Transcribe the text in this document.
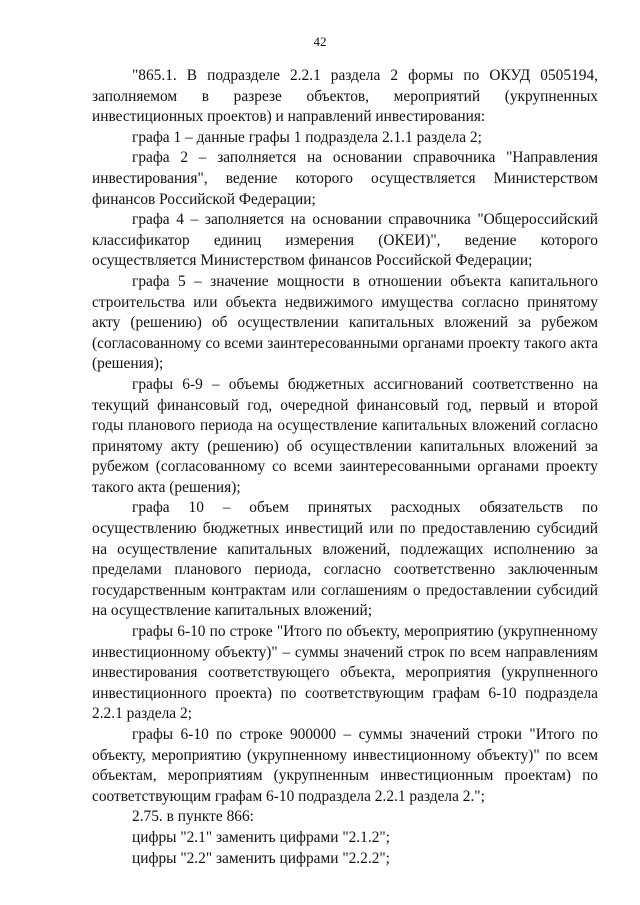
42

"865.1. В подразделе 2.2.1 раздела 2 формы по ОКУД 0505194, заполняемом в разрезе объектов, мероприятий (укрупненных инвестиционных проектов) и направлений инвестирования:

графа 1 – данные графы 1 подраздела 2.1.1 раздела 2;

графа 2 – заполняется на основании справочника "Направления инвестирования", ведение которого осуществляется Министерством финансов Российской Федерации;

графа 4 – заполняется на основании справочника "Общероссийский классификатор единиц измерения (ОКЕИ)", ведение которого осуществляется Министерством финансов Российской Федерации;

графа 5 – значение мощности в отношении объекта капитального строительства или объекта недвижимого имущества согласно принятому акту (решению) об осуществлении капитальных вложений за рубежом (согласованному со всеми заинтересованными органами проекту такого акта (решения);

графы 6-9 – объемы бюджетных ассигнований соответственно на текущий финансовый год, очередной финансовый год, первый и второй годы планового периода на осуществление капитальных вложений согласно принятому акту (решению) об осуществлении капитальных вложений за рубежом (согласованному со всеми заинтересованными органами проекту такого акта (решения);

графа 10 – объем принятых расходных обязательств по осуществлению бюджетных инвестиций или по предоставлению субсидий на осуществление капитальных вложений, подлежащих исполнению за пределами планового периода, согласно соответственно заключенным государственным контрактам или соглашениям о предоставлении субсидий на осуществление капитальных вложений;

графы 6-10 по строке "Итого по объекту, мероприятию (укрупненному инвестиционному объекту)" – суммы значений строк по всем направлениям инвестирования соответствующего объекта, мероприятия (укрупненного инвестиционного проекта) по соответствующим графам 6-10 подраздела 2.2.1 раздела 2;

графы 6-10 по строке 900000 – суммы значений строки "Итого по объекту, мероприятию (укрупненному инвестиционному объекту)" по всем объектам, мероприятиям (укрупненным инвестиционным проектам) по соответствующим графам 6-10 подраздела 2.2.1 раздела 2.";

2.75. в пункте 866:

цифры "2.1" заменить цифрами "2.1.2";

цифры "2.2" заменить цифрами "2.2.2";
